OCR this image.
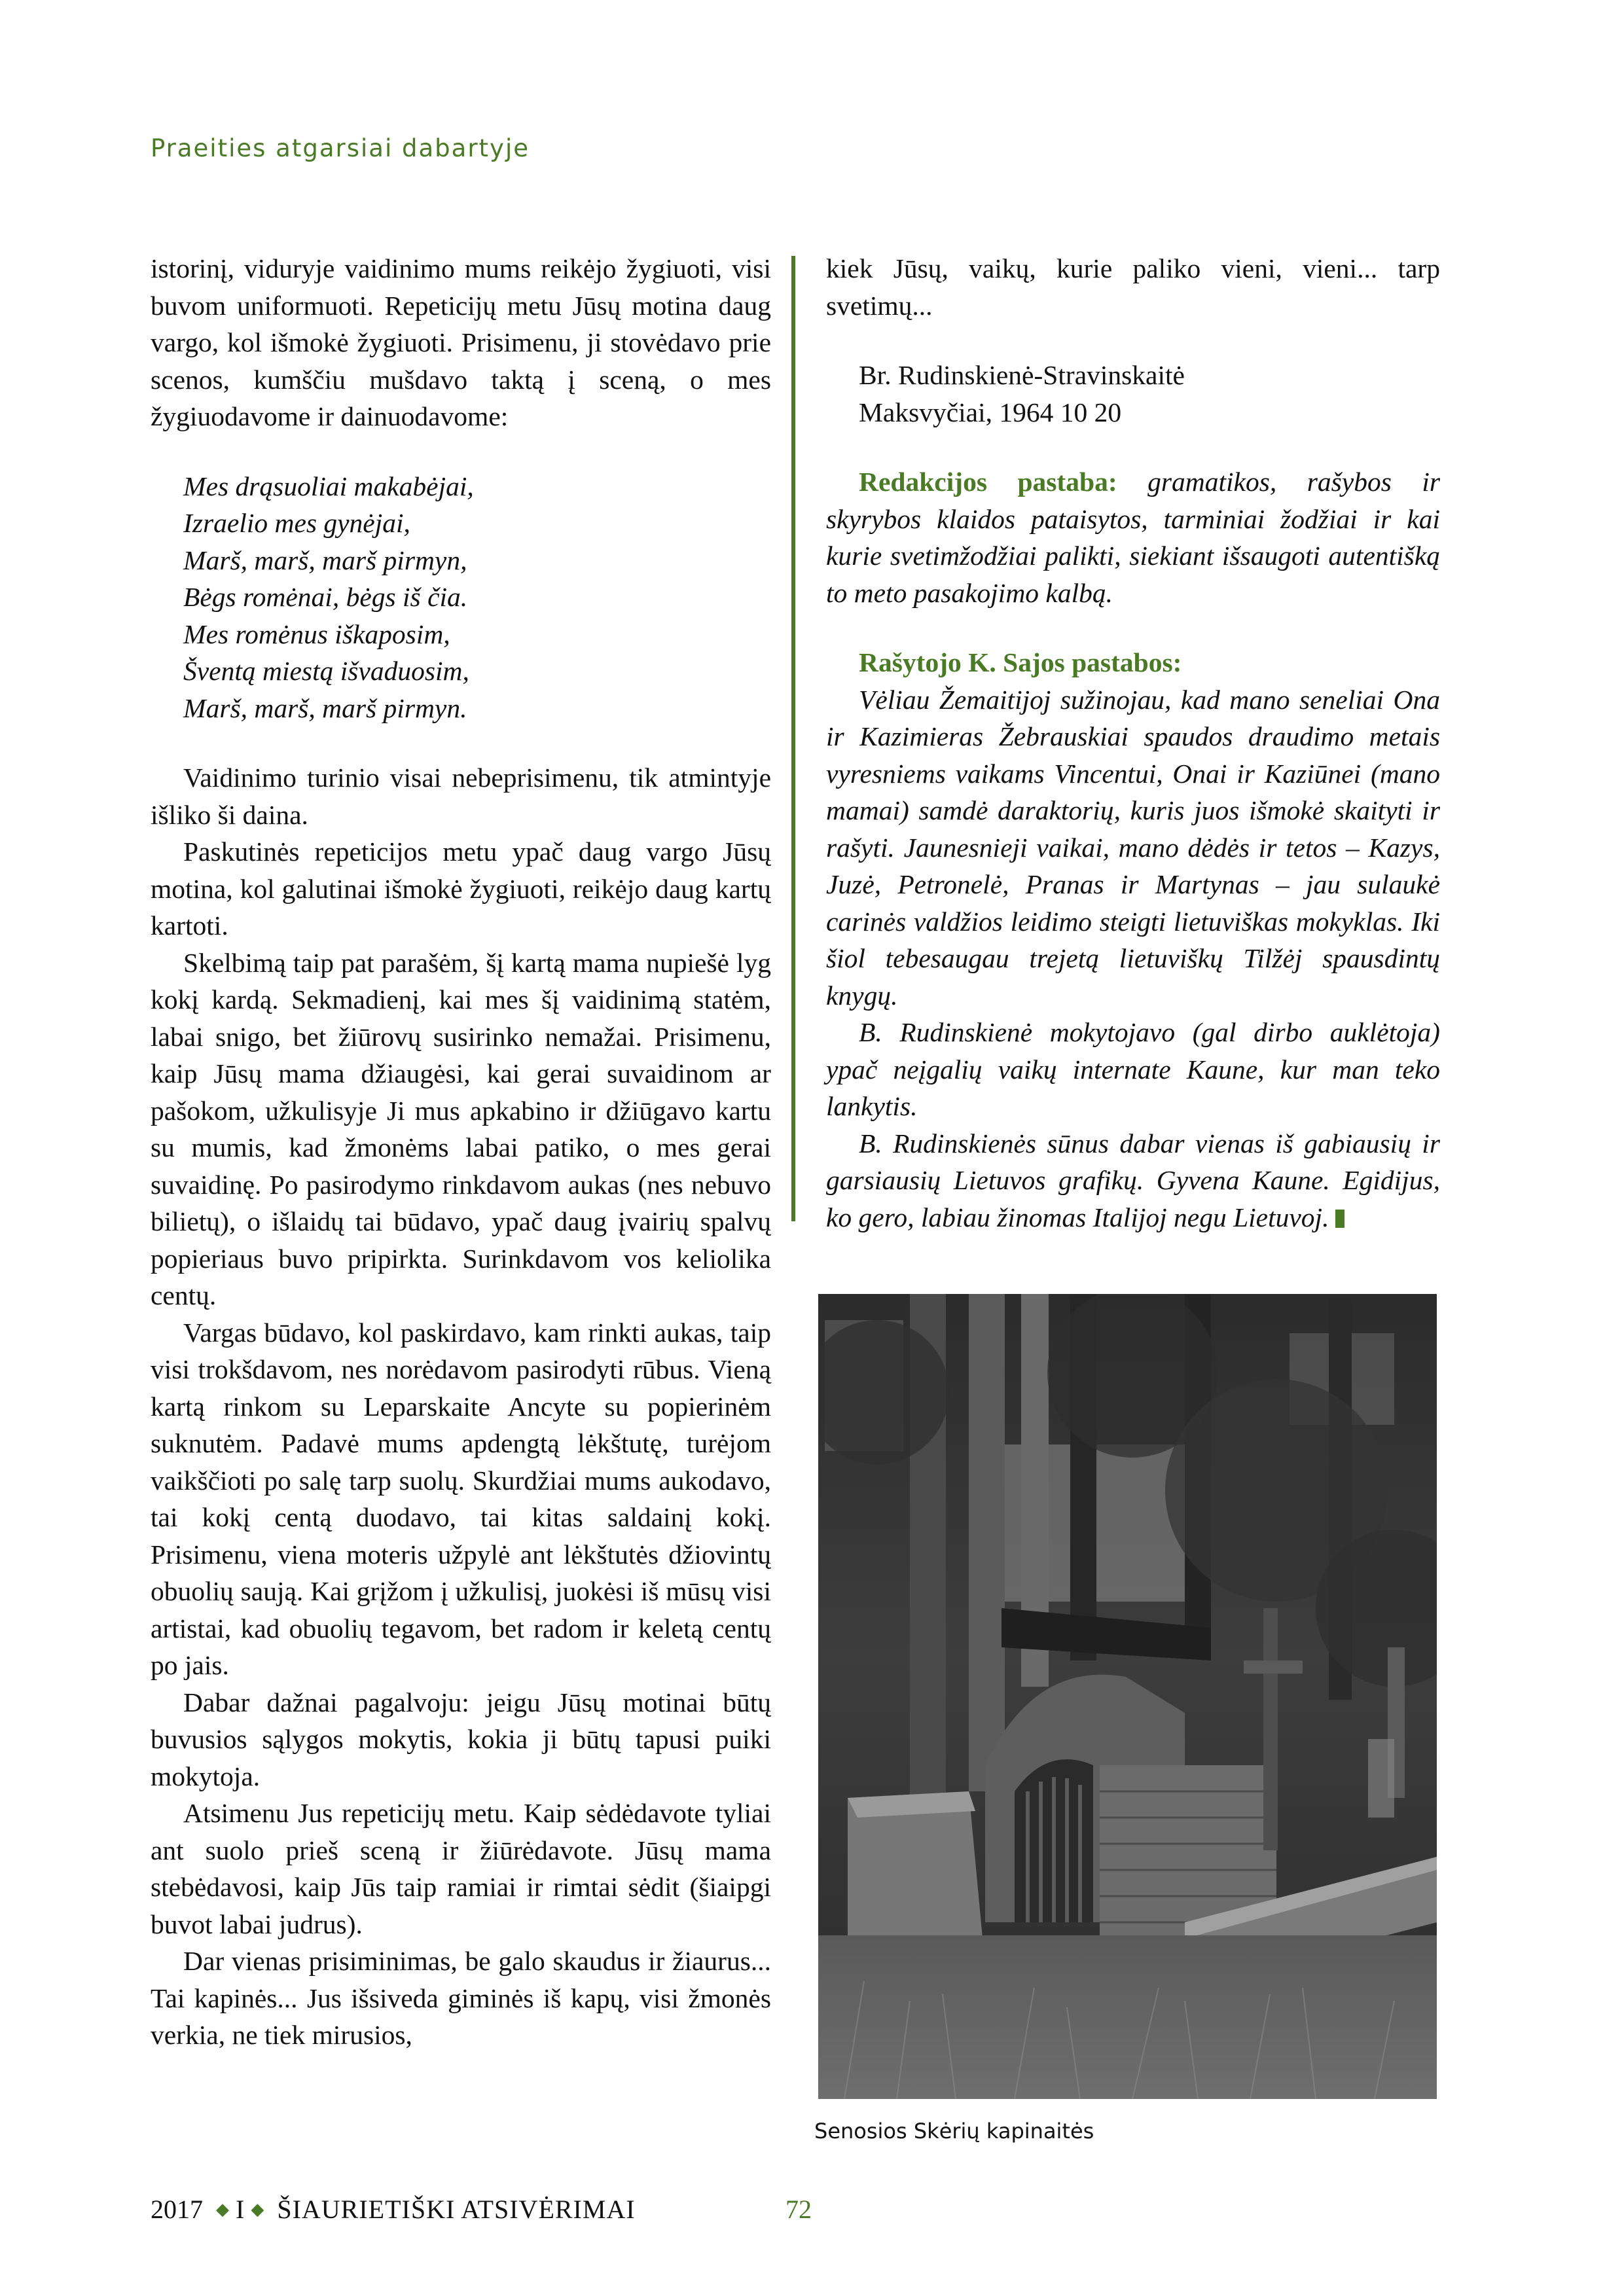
Praeities atgarsiai dabartyje

istorinį, viduryje vaidinimo mums reikėjo žygiuoti, visi buvom uniformuoti. Repeticijų metu Jūsų motina daug vargo, kol išmokė žygiuoti. Prisimenu, ji stovėdavo prie scenos, kumščiu mušdavo taktą į sceną, o mes žygiuodavome ir dainuodavome:

Mes drąsuoliai makabėjai,
Izraelio mes gynėjai,
Marš, marš, marš pirmyn,
Bėgs romėnai, bėgs iš čia.
Mes romėnus iškaposim,
Šventą miestą išvaduosim,
Marš, marš, marš pirmyn.

Vaidinimo turinio visai nebeprisimenu, tik atmintyje išliko ši daina.

Paskutinės repeticijos metu ypač daug vargo Jūsų motina, kol galutinai išmokė žygiuoti, reikėjo daug kartų kartoti.

Skelbimą taip pat parašėm, šį kartą mama nupiešė lyg kokį kardą. Sekmadienį, kai mes šį vaidinimą statėm, labai snigo, bet žiūrovų susirinko nemažai. Prisimenu, kaip Jūsų mama džiaugėsi, kai gerai suvaidinom ar pašokom, užkulisyje Ji mus apkabino ir džiūgavo kartu su mumis, kad žmonėms labai patiko, o mes gerai suvaidinę. Po pasirodymo rinkdavom aukas (nes nebuvo bilietų), o išlaidų tai būdavo, ypač daug įvairių spalvų popieriaus buvo pripirkta. Surinkdavom vos keliolika centų.

Vargas būdavo, kol paskirdavo, kam rinkti aukas, taip visi trokšdavom, nes norėdavom pasirodyti rūbus. Vieną kartą rinkom su Leparskaite Ancyte su popierinėm suknutėm. Padavė mums apdengtą lėkštutę, turėjom vaikščioti po salę tarp suolų. Skurdžiai mums aukodavo, tai kokį centą duodavo, tai kitas saldainį kokį. Prisimenu, viena moteris užpylė ant lėkštutės džiovintų obuolių saują. Kai grįžom į užkulisį, juokėsi iš mūsų visi artistai, kad obuolių tegavom, bet radom ir keletą centų po jais.

Dabar dažnai pagalvoju: jeigu Jūsų motinai būtų buvusios sąlygos mokytis, kokia ji būtų tapusi puiki mokytoja.

Atsimenu Jus repeticijų metu. Kaip sėdėdavote tyliai ant suolo prieš sceną ir žiūrėdavote. Jūsų mama stebėdavosi, kaip Jūs taip ramiai ir rimtai sėdit (šiaipgi buvot labai judrus).

Dar vienas prisiminimas, be galo skaudus ir žiaurus... Tai kapinės... Jus išsiveda giminės iš kapų, visi žmonės verkia, ne tiek mirusios,

kiek Jūsų, vaikų, kurie paliko vieni, vieni... tarp svetimų...

Br. Rudinskienė-Stravinskaitė
Maksvyčiai, 1964 10 20

Redakcijos pastaba: gramatikos, rašybos ir skyrybos klaidos pataisytos, tarminiai žodžiai ir kai kurie svetimžodžiai palikti, siekiant išsaugoti autentišką to meto pasakojimo kalbą.

Rašytojo K. Sajos pastabos:

Vėliau Žemaitijoj sužinojau, kad mano seneliai Ona ir Kazimieras Žebrauskiai spaudos draudimo metais vyresniems vaikams Vincentui, Onai ir Kaziūnei (mano mamai) samdė daraktorių, kuris juos išmokė skaityti ir rašyti. Jaunesnieji vaikai, mano dėdės ir tetos – Kazys, Juzė, Petronelė, Pranas ir Martynas – jau sulaukė carinės valdžios leidimo steigti lietuviškas mokyklas. Iki šiol tebesaugau trejetą lietuviškų Tilžėj spausdintų knygų.

B. Rudinskienė mokytojavo (gal dirbo auklėtoja) ypač neįgalių vaikų internate Kaune, kur man teko lankytis.

B. Rudinskienės sūnus dabar vienas iš gabiausių ir garsiausių Lietuvos grafikų. Gyvena Kaune. Egidijus, ko gero, labiau žinomas Italijoj negu Lietuvoj.

Senosios Skėrių kapinaitės
2017 ◆ I ◆ ŠIAURIETIŠKI ATSIVĖRIMAI	72
